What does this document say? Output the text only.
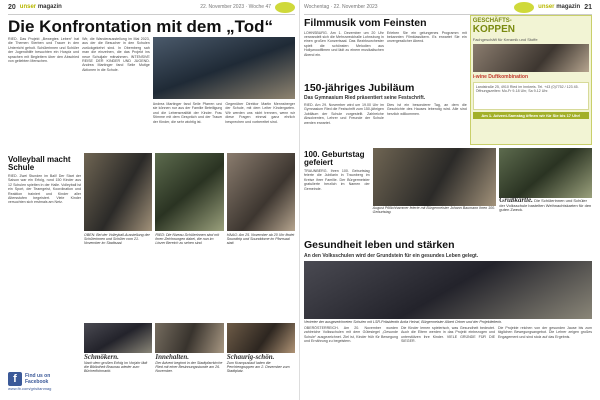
20 unser magazin	22. November 2023 · Woche 47
Die Konfrontation mit dem „Tod“
RIED. Das Projekt „Bewegtes Leben“ hat die Themen Sterben und Trauer in den Unterricht geholt. Schülerinnen und Schüler der Jugendhilfe besuchten ein Hospiz und sprachen mit Begleitern über den Abschied von geliebten Menschen.
Wir, die Wanderausstellung im Mai 2023, aus der die Besucher in den Schulen zurückgekehrt sind. In Obernberg sah man die einzelnen, die das Projekt ins neue Schuljahr mitnahmen. INTENSIVE REISE DER KINDER UND JUGEND. Andrea Martinger fand Seile Mutige Aktionen in die Schule.
Andrea Martinger fand Seile Pfarren und sie können nur aus der Familie Beteiligung und die Lebensrealität der Kinder. Frau Stimme mit dem Gespräch und der Trauer der Kinder, die sehr wichtig ist.
Gegenüber Direktor Martin Mennsberger der Schule, mit dem Leiter Kindergarten. Wir werden uns nicht trennen, wenn wir diese Fragen einmal ganz ehrlich besprechen und vorbereitet sind.
Volleyball macht Schule
RIED. Zwei Stunden im Ball! Der Start der Saison war ein Erfolg, rund 150 Kinder aus 12 Schulen spielten in der Halle. Volleyball ist ein Sport, der Teamgeist, Koordination und Reaktion trainiert und Kinder aller Altersstufen begeistert. Viele Kinder versuchten sich erstmals am Netz.
OBEN: Bei der Volleyball-Ausstellung der Schülerinnen und Schüler vom 21. November im Stadtsaal.
RIED: Die Niveau-Schülerinnen sind mit ihren Zeichnungen dabei, die nun im Linzer Bereich zu sehen sind.
HAAG: Am 25. November ab 20 Uhr findet Soundtrip und Sounddome im Pfarrsaal statt.
f	Find us on
Facebook
www.fb.com/grisitanmag
Schmökern.
Nach dem großen Erfolg im Vorjahr lädt die Bibliothek Braunau wieder zum Bücherflohmarkt.
Innehalten.
Der Advent beginnt in der Stadtpfarrkirche Ried mit einer Besinnungsstunde am 26. November.
Schaurig-schön.
Zum Krampuslauf laden die Perchtengruppen am 2. Dezember zum Stadtplatz.
Wochentag · 22. November 2023	unser magazin 21
Filmmusik vom Feinsten
LOHNSBURG. Am 1. Dezember um 20 Uhr verwandelt sich die Mehrzweckhalle Lohnsburg in einen großen Konzertsaal. Das Bezirksorchester spielt die schönsten Melodien aus Hollywoodfilmen und lädt zu einem musikalischen Abend ein.
Erleben Sie ein gelungenes Programm mit bekannten Filmklassikern. Es erwartet Sie ein unvergesslicher Abend.
150-jähriges Jubiläum
Das Gymnasium Ried präsentiert seine Festschrift.
RIED. Am 29. November wird um 19.00 Uhr im Gymnasium Ried die Festschrift zum 150-jährigen Jubiläum der Schule vorgestellt. Zahlreiche Absolventen, Lehrer und Freunde der Schule werden erwartet.
Dies ist ein besonderer Tag, an dem die Geschichte des Hauses lebendig wird. Alle sind herzlich willkommen.
GESCHÄFTS-
KOPPEN
Fachgeschäft für Keramik und Stoffe
i-wine Duftkombination
Landstraße 25, 4910 Ried im Innkreis. Tel. +43 (0)7752 / 123 45. Öffnungszeiten: Mo-Fr 9-18 Uhr, Sa 9-12 Uhr.
Am 1. Advent-Samstag öffnen wir für Sie bis 17 Uhr!
100. Geburtstag gefeiert
TRAUNBERG. Ihren 100. Geburtstag feierte die Jubilarin in Traunberg im Kreise ihrer Familie. Der Bürgermeister gratulierte herzlich im Namen der Gemeinde.
August Pöllichhammer feierte mit Bürgermeister Johann Baumann ihren 100. Geburtstag.
Grußkärtle. Die Schülerinnen und Schüler der Volksschule bastelten Weihnachtskarten für den guten Zweck.
Gesundheit leben und stärken
An den Volksschulen wird der Grundstein für ein gesundes Leben gelegt.
Vertreter der ausgezeichneten Schulen mit LSR-Präsidentin Anita Heinzl, Bürgermeister Albert Ortner und der Projektleiterin.
OBERÖSTERREICH. Am 20. November wurden zahlreiche Volksschulen mit dem Gütesiegel „Gesunde Schule“ ausgezeichnet. Ziel ist, Kinder früh für Bewegung und Ernährung zu begeistern.
Die Kinder lernen spielerisch, was Gesundheit bedeutet. Auch die Eltern werden in das Projekt einbezogen und unterstützen ihre Kinder. VIELE GRÜNDE FÜR DIE SIEGER.
Die Projekte reichen von der gesunden Jause bis zum täglichen Bewegungsangebot. Die Lehrer zeigen großes Engagement und sind stolz auf das Ergebnis.
